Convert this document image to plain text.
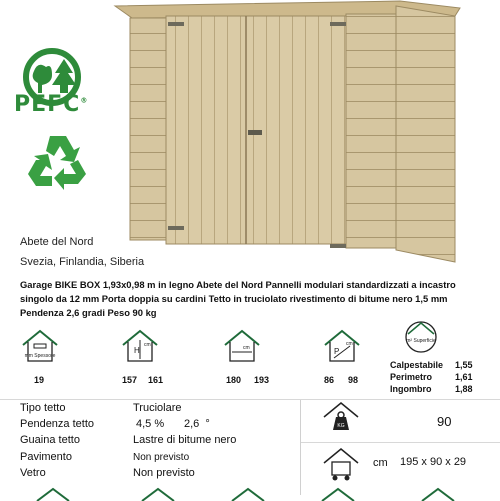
PEFC®
Abete del Nord
Svezia, Finlandia, Siberia
Garage BIKE BOX 1,93x0,98 m in legno Abete del Nord Pannelli modulari standardizzati a incastro singolo da 12 mm Porta doppia su cardini Tetto in truciolato rivestimento di bitume nero 1,5 mm Pendenza 2,6 gradi Peso 90 kg
mm Spessore
H
cm	cm	P
cm	m² Superficie
19	157 161	180 193	86 98
Calpestabile 1,55
Perimetro	1,61
Ingombro	1,88
Tipo tetto	Truciolare
Pendenza tetto	4,5 % 2,6 °
Guaina tetto	Lastre di bitume nero
Pavimento	Non previsto
Vetro	Non previsto
KG	90
cm 195 x 90 x 29
